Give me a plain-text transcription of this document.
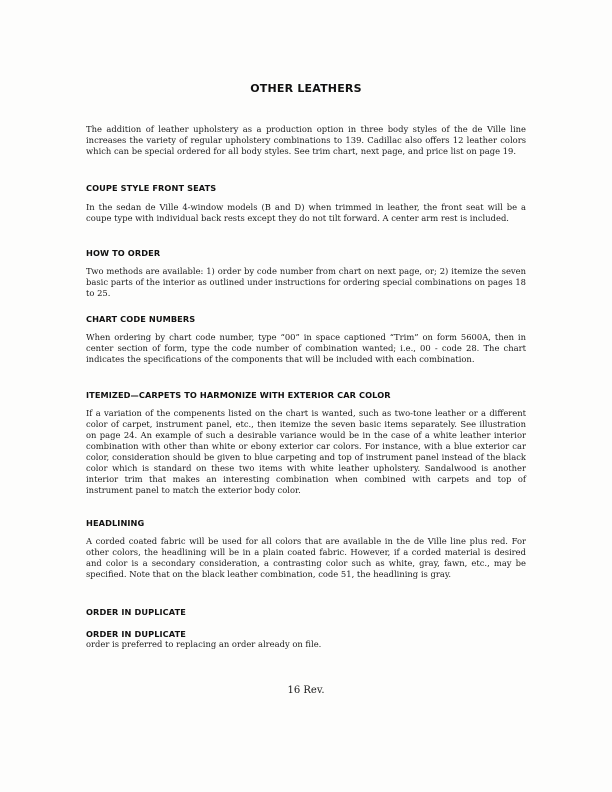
OTHER LEATHERS

The addition of leather upholstery as a production option in three body styles of the de Ville line increases the variety of regular upholstery combinations to 139. Cadillac also offers 12 leather colors which can be special ordered for all body styles. See trim chart, next page, and price list on page 19.

COUPE STYLE FRONT SEATS

In the sedan de Ville 4-window models (B and D) when trimmed in leather, the front seat will be a coupe type with individual back rests except they do not tilt forward. A center arm rest is included.

HOW TO ORDER

Two methods are available: 1) order by code number from chart on next page, or; 2) itemize the seven basic parts of the interior as outlined under instructions for ordering special combinations on pages 18 to 25.

CHART CODE NUMBERS

When ordering by chart code number, type “00” in space captioned “Trim” on form 5600A, then in center section of form, type the code number of combination wanted; i.e., 00 - code 28. The chart indicates the specifications of the components that will be included with each combination.

ITEMIZED—CARPETS TO HARMONIZE WITH EXTERIOR CAR COLOR

If a variation of the compenents listed on the chart is wanted, such as two-tone leather or a different color of carpet, instrument panel, etc., then itemize the seven basic items separately. See illustration on page 24. An example of such a desirable variance would be in the case of a white leather interior combination with other than white or ebony exterior car colors. For instance, with a blue exterior car color, consideration should be given to blue carpeting and top of instrument panel instead of the black color which is standard on these two items with white leather upholstery. Sandalwood is another interior trim that makes an interesting combination when combined with carpets and top of instrument panel to match the exterior body color.

HEADLINING

A corded coated fabric will be used for all colors that are available in the de Ville line plus red. For other colors, the headlining will be in a plain coated fabric. However, if a corded material is desired and color is a secondary consideration, a contrasting color such as white, gray, fawn, etc., may be specified. Note that on the black leather combination, code 51, the headlining is gray.

ORDER IN DUPLICATE
ORDER IN DUPLICATE

order is preferred to replacing an order already on file.

16 Rev.
